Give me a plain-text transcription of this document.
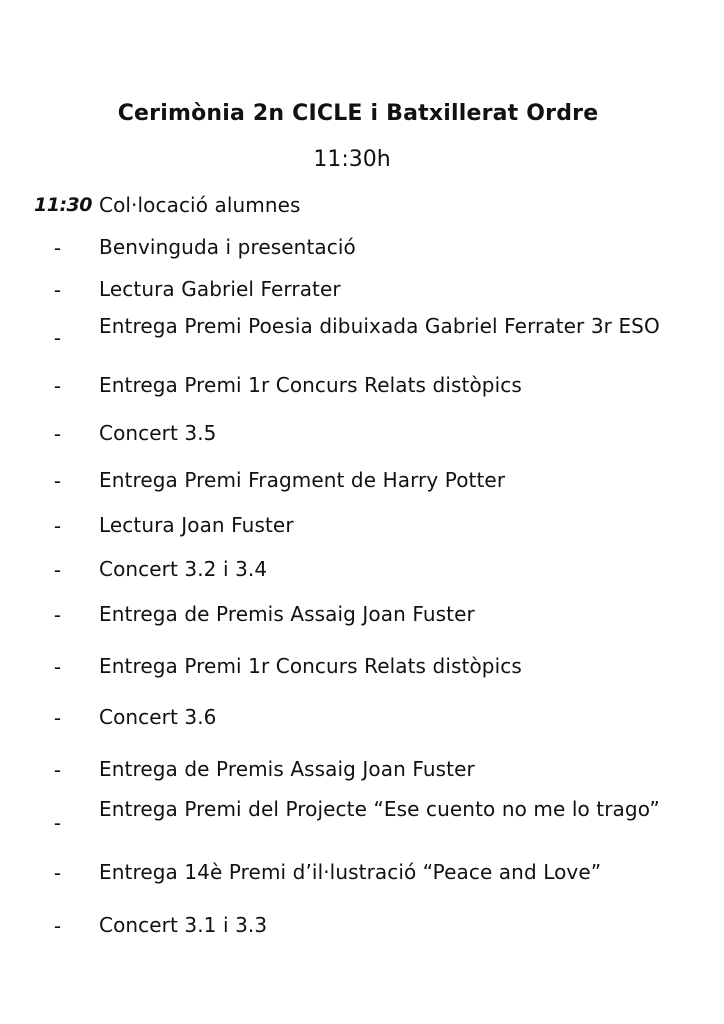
Cerimònia 2n CICLE i Batxillerat Ordre
11:30h
11:30 Col·locació alumnes
-	Benvinguda i presentació
-	Lectura Gabriel Ferrater
-	Entrega Premi Poesia dibuixada Gabriel Ferrater 3r ESO
-	Entrega Premi 1r Concurs Relats distòpics
-	Concert 3.5
-	Entrega Premi Fragment de Harry Potter
-	Lectura Joan Fuster
-	Concert 3.2 i 3.4
-	Entrega de Premis Assaig Joan Fuster
-	Entrega Premi 1r Concurs Relats distòpics
-	Concert 3.6
-	Entrega de Premis Assaig Joan Fuster
-
Entrega Premi del Projecte “Ese cuento no me lo trago”
-	Entrega 14è Premi d’il·lustració “Peace and Love”
-	Concert 3.1 i 3.3
